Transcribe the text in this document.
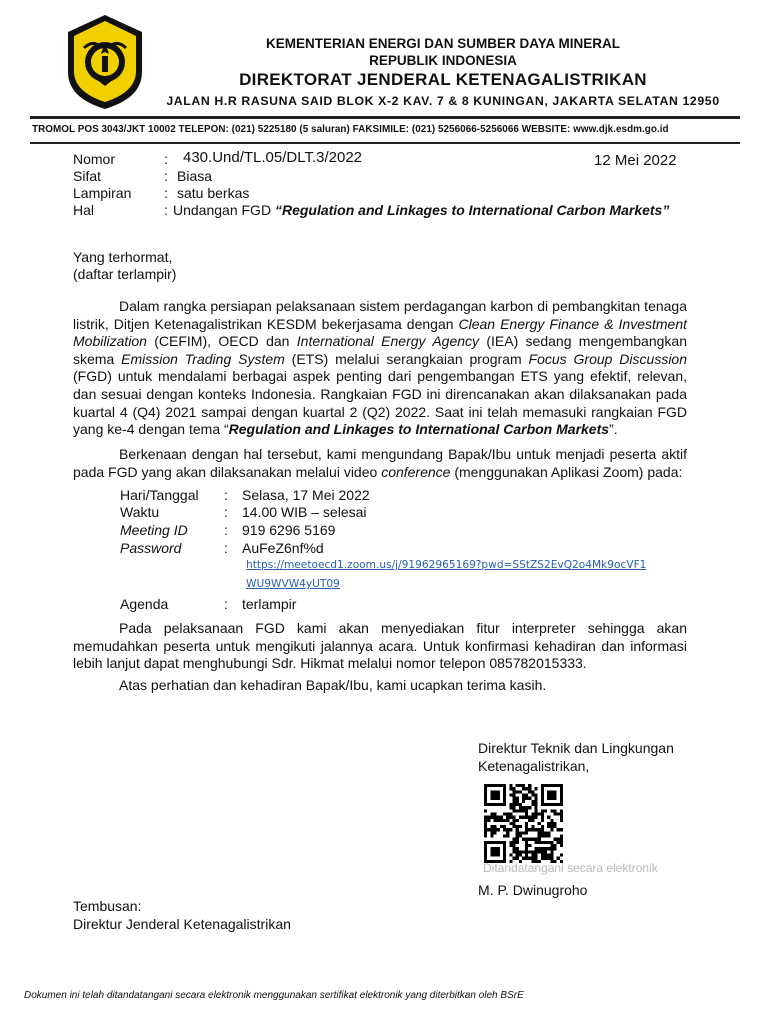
KEMENTERIAN ENERGI DAN SUMBER DAYA MINERAL
REPUBLIK INDONESIA
DIREKTORAT JENDERAL KETENAGALISTRIKAN
JALAN H.R RASUNA SAID BLOK X-2 KAV. 7 & 8 KUNINGAN, JAKARTA SELATAN 12950
TROMOL POS 3043/JKT 10002 TELEPON: (021) 5225180 (5 saluran) FAKSIMILE: (021) 5256066-5256066 WEBSITE: www.djk.esdm.go.id
Nomor	: 430.Und/TL.05/DLT.3/2022	12 Mei 2022
Sifat	: Biasa
Lampiran : satu berkas
Hal	: Undangan FGD “Regulation and Linkages to International Carbon Markets”
Yang terhormat,
(daftar terlampir)

Dalam rangka persiapan pelaksanaan sistem perdagangan karbon di pembangkitan tenaga listrik, Ditjen Ketenagalistrikan KESDM bekerjasama dengan Clean Energy Finance & Investment Mobilization (CEFIM), OECD dan International Energy Agency (IEA) sedang mengembangkan skema Emission Trading System (ETS) melalui serangkaian program Focus Group Discussion (FGD) untuk mendalami berbagai aspek penting dari pengembangan ETS yang efektif, relevan, dan sesuai dengan konteks Indonesia. Rangkaian FGD ini direncanakan akan dilaksanakan pada kuartal 4 (Q4) 2021 sampai dengan kuartal 2 (Q2) 2022. Saat ini telah memasuki rangkaian FGD yang ke-4 dengan tema “Regulation and Linkages to International Carbon Markets”.

Berkenaan dengan hal tersebut, kami mengundang Bapak/Ibu untuk menjadi peserta aktif pada FGD yang akan dilaksanakan melalui video conference (menggunakan Aplikasi Zoom) pada:

Hari/Tanggal : Selasa, 17 Mei 2022
Waktu	: 14.00 WIB – selesai
Meeting ID	: 919 6296 5169
Password	: AuFeZ6nf%d
https://meetoecd1.zoom.us/j/91962965169?pwd=SStZS2EvQ2o4Mk9ocVF1
WU9WVW4yUT09
Agenda	: terlampir

Pada pelaksanaan FGD kami akan menyediakan fitur interpreter sehingga akan memudahkan peserta untuk mengikuti jalannya acara. Untuk konfirmasi kehadiran dan informasi lebih lanjut dapat menghubungi Sdr. Hikmat melalui nomor telepon 085782015333.

Atas perhatian dan kehadiran Bapak/Ibu, kami ucapkan terima kasih.

Direktur Teknik dan Lingkungan
Ketenagalistrikan,
Ditandatangani secara elektronik
M. P. Dwinugroho
Tembusan:
Direktur Jenderal Ketenagalistrikan
Dokumen ini telah ditandatangani secara elektronik menggunakan sertifikat elektronik yang diterbitkan oleh BSrE
